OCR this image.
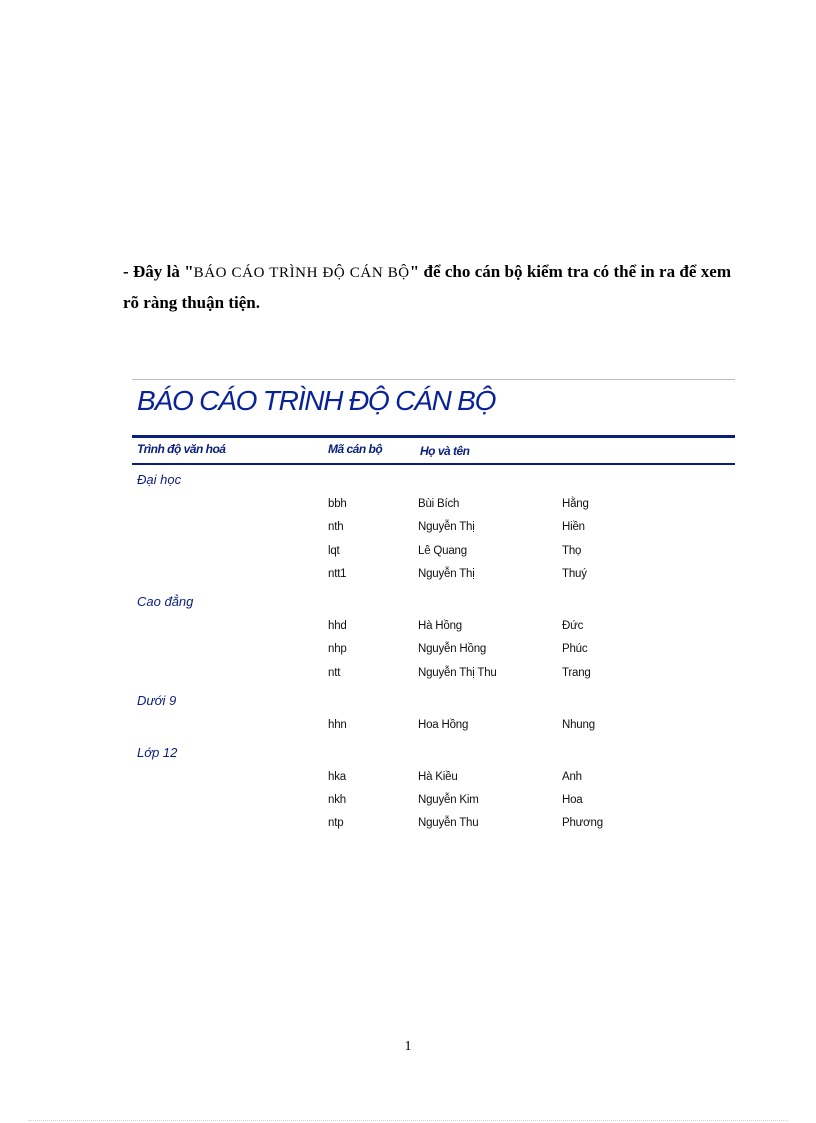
- Đây là "BÁO CÁO TRÌNH ĐỘ CÁN BỘ" để cho cán bộ kiểm tra có thể in ra để xem rõ ràng thuận tiện.
BÁO CÁO TRÌNH ĐỘ CÁN BỘ
Trình độ văn hoá	Mã cán bộ	Họ và tên
Đại học
bbh	Bùi Bích	Hằng
nth	Nguyễn Thị	Hiền
lqt	Lê Quang	Thọ
ntt1	Nguyễn Thị	Thuý
Cao đẳng
hhd	Hà Hồng	Đức
nhp	Nguyễn Hồng	Phúc
ntt	Nguyễn Thị Thu	Trang
Dưới 9
hhn	Hoa Hồng	Nhung
Lớp 12
hka	Hà Kiều	Anh
nkh	Nguyễn Kim	Hoa
ntp	Nguyễn Thu	Phương
1
